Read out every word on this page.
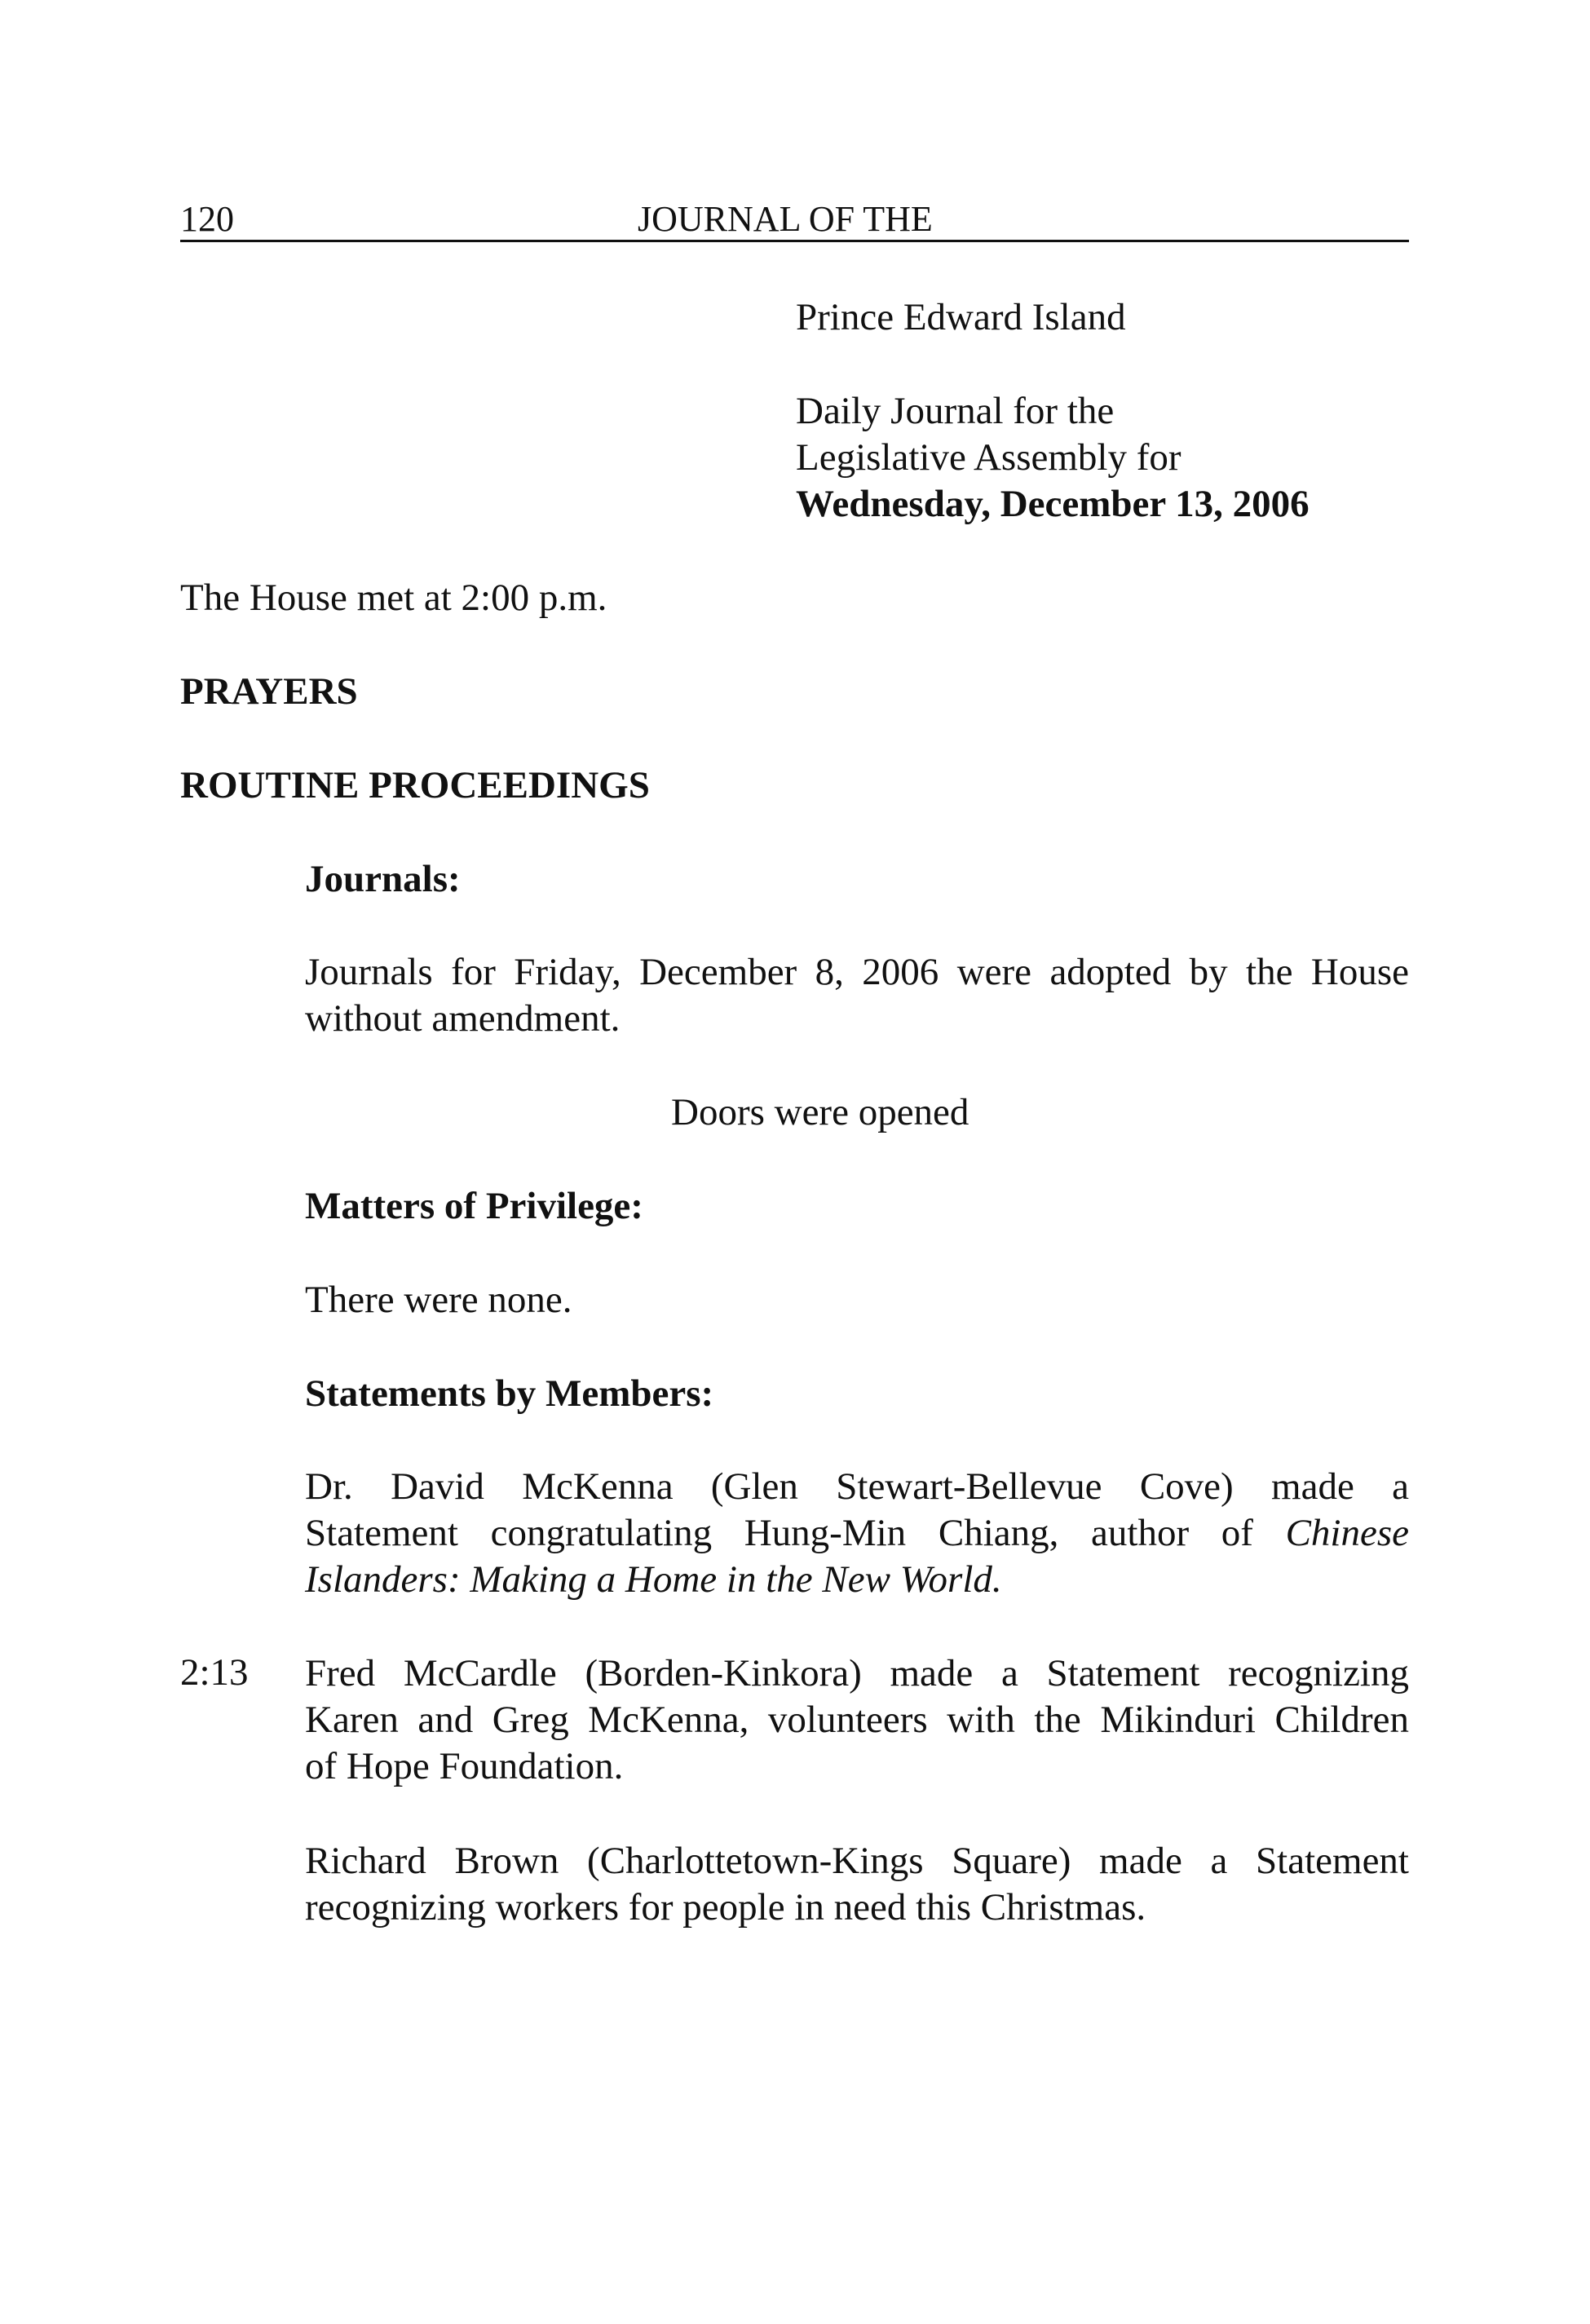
120	JOURNAL OF THE
Prince Edward Island
Daily Journal for the
Legislative Assembly for
Wednesday, December 13, 2006
The House met at 2:00 p.m.
PRAYERS
ROUTINE PROCEEDINGS
Journals:
Journals for Friday, December 8, 2006 were adopted by the House
without amendment.
Doors were opened
Matters of Privilege:
There were none.
Statements by Members:
Dr. David McKenna (Glen Stewart-Bellevue Cove) made a
Statement congratulating Hung-Min Chiang, author of Chinese
Islanders: Making a Home in the New World.
2:13 Fred McCardle (Borden-Kinkora) made a Statement recognizing
Karen and Greg McKenna, volunteers with the Mikinduri Children
of Hope Foundation.
Richard Brown (Charlottetown-Kings Square) made a Statement
recognizing workers for people in need this Christmas.
